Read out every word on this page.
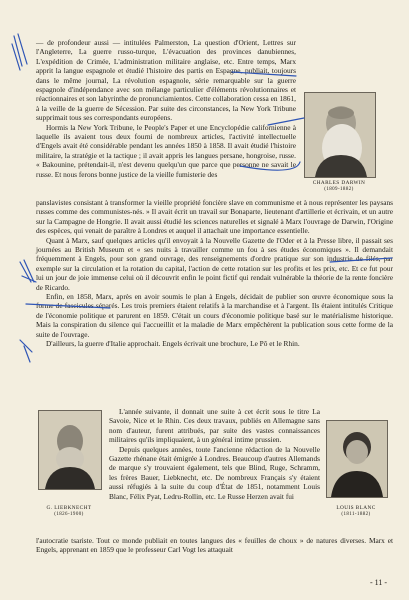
— de profondeur aussi — intitulées Palmerston, La question d'Orient, Lettres sur l'Angleterre, La guerre russo-turque, L'évacuation des provinces danubiennes, L'expédition de Crimée, L'administration militaire anglaise, etc. Entre temps, Marx apprit la langue espagnole et étudié l'histoire des partis en Espagne, publiait, toujours dans le même journal, La révolution espagnole, série remarquable sur la guerre espagnole d'indépendance avec son mélange particulier d'éléments révolutionnaires et réactionnaires et son labyrinthe de pronunciamientos. Cette collaboration cessa en 1861, à la veille de la guerre de Sécession. Par suite des circonstances, la New York Tribune supprimait tous ses correspondants européens.

Hormis la New York Tribune, le People's Paper et une Encyclopédie californienne à laquelle ils avaient tous deux fourni de nombreux articles, l'activité intellectuelle d'Engels avait été considérable pendant les années 1850 à 1858. Il avait étudié l'histoire militaire, la stratégie et la tactique ; il avait appris les langues persane, hongroise, russe. « Bakounine, prétendait-il, n'est devenu quelqu'un que parce que personne ne savait le russe. Et nous ferons bonne justice de la vieille fumisterie des

CHARLES DARWIN
(1809-1882)

panslavistes consistant à transformer la vieille propriété foncière slave en communisme et à nous représenter les paysans russes comme des communistes-nés. » Il avait écrit un travail sur Bonaparte, lieutenant d'artillerie et écrivain, et un autre sur la Campagne de Hongrie. Il avait aussi étudié les sciences naturelles et signalé à Marx l'ouvrage de Darwin, l'Origine des espèces, qui venait de paraître à Londres et auquel il attachait une importance essentielle.

Quant à Marx, sauf quelques articles qu'il envoyait à la Nouvelle Gazette de l'Oder et à la Presse libre, il passait ses journées au British Museum et « ses nuits à travailler comme un fou à ses études économiques ». Il demandait fréquemment à Engels, pour son grand ouvrage, des renseignements d'ordre pratique sur son industrie de filés, par exemple sur la circulation et la rotation du capital, l'action de cette rotation sur les profits et les prix, etc. Et ce fut pour lui un jour de joie immense celui où il découvrit enfin le point fictif qui rendait vulnérable la théorie de la rente foncière de Ricardo.

Enfin, en 1858, Marx, après en avoir soumis le plan à Engels, décidait de publier son œuvre économique sous la forme de fascicules séparés. Les trois premiers étaient relatifs à la marchandise et à l'argent. Ils étaient intitulés Critique de l'économie politique et parurent en 1859. C'était un cours d'économie politique basé sur le matérialisme historique. Mais la conspiration du silence qui l'accueillit et la maladie de Marx empêchèrent la publication sous cette forme de la suite de l'ouvrage.

D'ailleurs, la guerre d'Italie approchait. Engels écrivait une brochure, Le Pô et le Rhin.

G. LIEBKNECHT
(1826-1900)

L'année suivante, il donnait une suite à cet écrit sous le titre La Savoie, Nice et le Rhin. Ces deux travaux, publiés en Allemagne sans nom d'auteur, furent attribués, par suite des vastes connaissances militaires qu'ils impliquaient, à un général intime prussien.

Depuis quelques années, toute l'ancienne rédaction de la Nouvelle Gazette rhénane était émigrée à Londres. Beaucoup d'autres Allemands de marque s'y trouvaient également, tels que Blind, Ruge, Schramm, les frères Bauer, Liebknecht, etc. De nombreux Français s'y étaient aussi réfugiés à la suite du coup d'État de 1851, notamment Louis Blanc, Félix Pyat, Ledru-Rollin, etc. Le Russe Herzen avait fui

LOUIS BLANC
(1811-1882)

l'autocratie tsariste. Tout ce monde publiait en toutes langues des « feuilles de choux » de natures diverses. Marx et Engels, apprenant en 1859 que le professeur Carl Vogt les attaquait

- 11 -
